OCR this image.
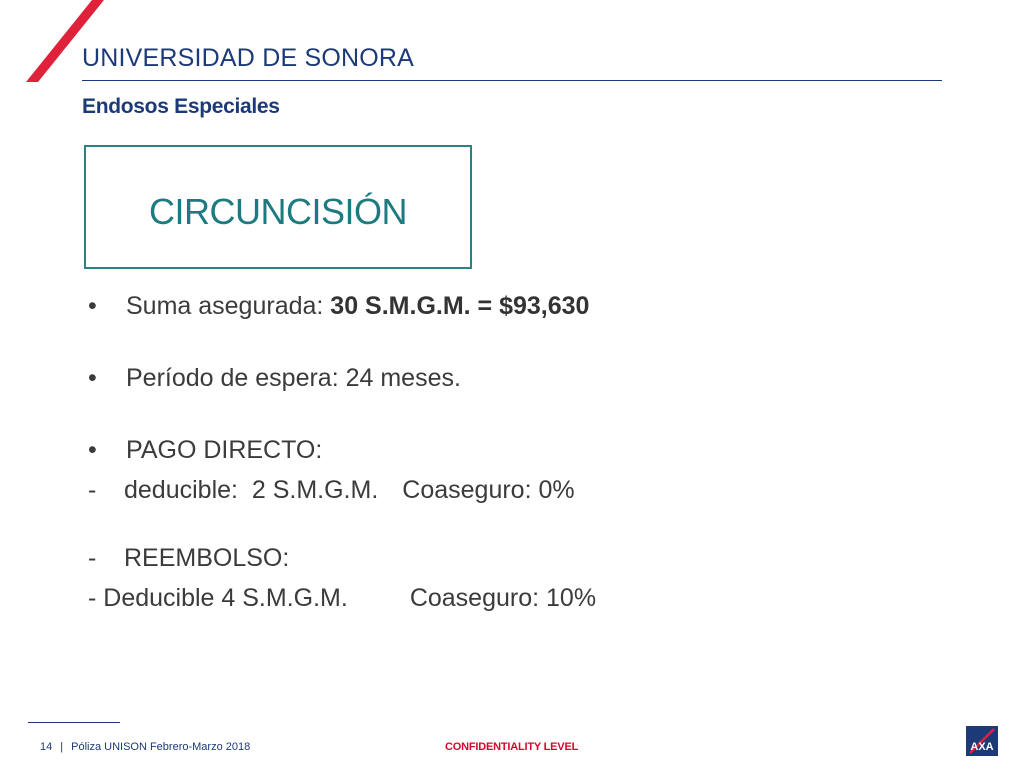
UNIVERSIDAD DE SONORA
Endosos Especiales
CIRCUNCISIÓN
• Suma asegurada: 30 S.M.G.M. = $93,630
• Período de espera: 24 meses.
• PAGO DIRECTO:
- deducible:  2 S.M.G.M. Coaseguro: 0%
- REEMBOLSO:
- Deducible 4 S.M.G.M. Coaseguro: 10%
14 | Póliza UNISON Febrero-Marzo 2018	CONFIDENTIALITY LEVEL	AXA
